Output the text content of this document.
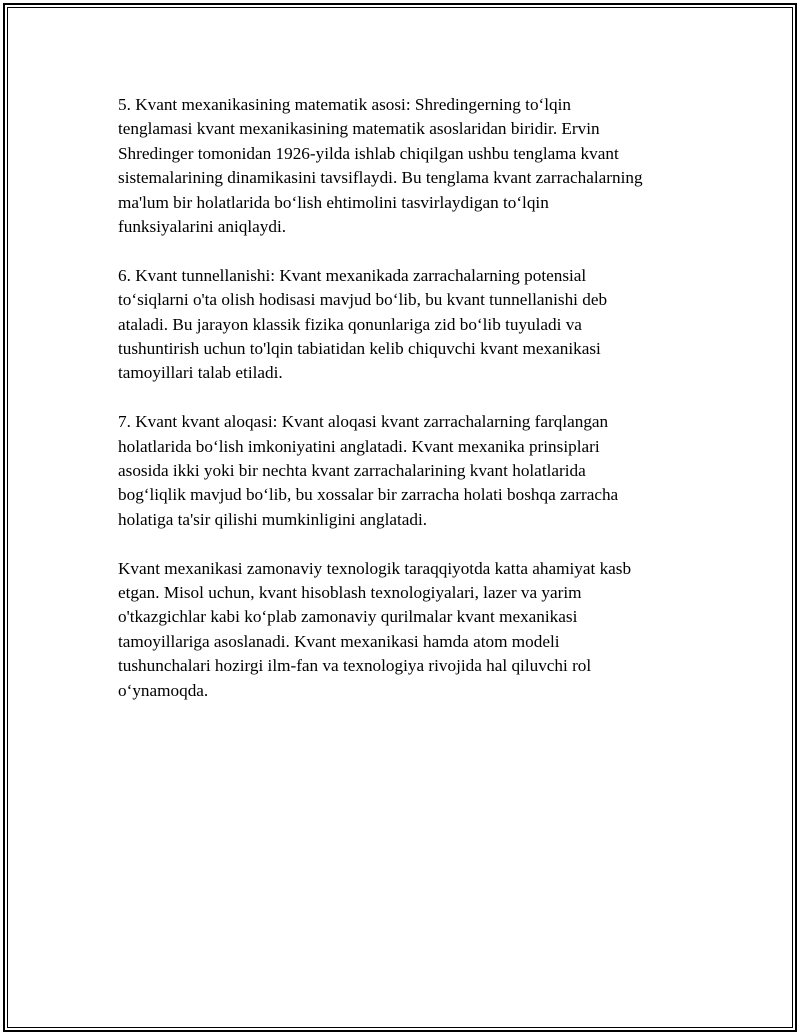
5. Kvant mexanikasining matematik asosi: Shredingerning to‘lqin
tenglamasi kvant mexanikasining matematik asoslaridan biridir. Ervin
Shredinger tomonidan 1926-yilda ishlab chiqilgan ushbu tenglama kvant
sistemalarining dinamikasini tavsiflaydi. Bu tenglama kvant zarrachalarning
ma'lum bir holatlarida bo‘lish ehtimolini tasvirlaydigan to‘lqin
funksiyalarini aniqlaydi.

6. Kvant tunnellanishi: Kvant mexanikada zarrachalarning potensial
to‘siqlarni o'ta olish hodisasi mavjud bo‘lib, bu kvant tunnellanishi deb
ataladi. Bu jarayon klassik fizika qonunlariga zid bo‘lib tuyuladi va
tushuntirish uchun to'lqin tabiatidan kelib chiquvchi kvant mexanikasi
tamoyillari talab etiladi.

7. Kvant kvant aloqasi: Kvant aloqasi kvant zarrachalarning farqlangan
holatlarida bo‘lish imkoniyatini anglatadi. Kvant mexanika prinsiplari
asosida ikki yoki bir nechta kvant zarrachalarining kvant holatlarida
bog‘liqlik mavjud bo‘lib, bu xossalar bir zarracha holati boshqa zarracha
holatiga ta'sir qilishi mumkinligini anglatadi.

Kvant mexanikasi zamonaviy texnologik taraqqiyotda katta ahamiyat kasb
etgan. Misol uchun, kvant hisoblash texnologiyalari, lazer va yarim
o'tkazgichlar kabi ko‘plab zamonaviy qurilmalar kvant mexanikasi
tamoyillariga asoslanadi. Kvant mexanikasi hamda atom modeli
tushunchalari hozirgi ilm-fan va texnologiya rivojida hal qiluvchi rol
o‘ynamoqda.
